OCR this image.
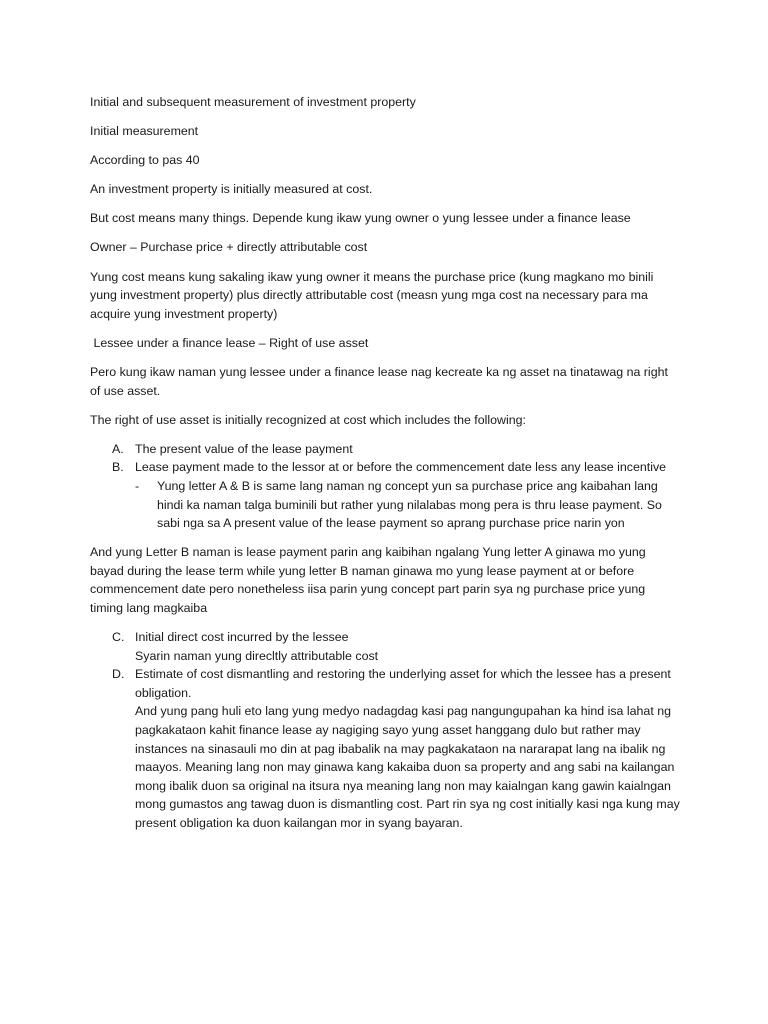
Initial and subsequent measurement of investment property

Initial measurement

According to pas 40

An investment property is initially measured at cost.

But cost means many things. Depende kung ikaw yung owner o yung lessee under a finance lease

Owner – Purchase price + directly attributable cost

Yung cost means kung sakaling ikaw yung owner it means the purchase price (kung magkano mo binili yung investment property) plus directly attributable cost (measn yung mga cost na necessary para ma acquire yung investment property)

Lessee under a finance lease – Right of use asset

Pero kung ikaw naman yung lessee under a finance lease nag kecreate ka ng asset na tinatawag na right of use asset.

The right of use asset is initially recognized at cost which includes the following:

A. The present value of the lease payment
B. Lease payment made to the lessor at or before the commencement date less any lease incentive
- Yung letter A & B is same lang naman ng concept yun sa purchase price ang kaibahan lang hindi ka naman talga buminili but rather yung nilalabas mong pera is thru lease payment. So sabi nga sa A present value of the lease payment so aprang purchase price narin yon

And yung Letter B naman is lease payment parin ang kaibihan ngalang Yung letter A ginawa mo yung bayad during the lease term while yung letter B naman ginawa mo yung lease payment at or before commencement date pero nonetheless iisa parin yung concept part parin sya ng purchase price yung timing lang magkaiba

C. Initial direct cost incurred by the lessee
Syarin naman yung direcltly attributable cost
D. Estimate of cost dismantling and restoring the underlying asset for which the lessee has a present obligation.
And yung pang huli eto lang yung medyo nadagdag kasi pag nangungupahan ka hind isa lahat ng pagkakataon kahit finance lease ay nagiging sayo yung asset hanggang dulo but rather may instances na sinasauli mo din at pag ibabalik na may pagkakataon na nararapat lang na ibalik ng maayos. Meaning lang non may ginawa kang kakaiba duon sa property and ang sabi na kailangan mong ibalik duon sa original na itsura nya meaning lang non may kaialngan kang gawin kaialngan mong gumastos ang tawag duon is dismantling cost. Part rin sya ng cost initially kasi nga kung may present obligation ka duon kailangan mor in syang bayaran.
